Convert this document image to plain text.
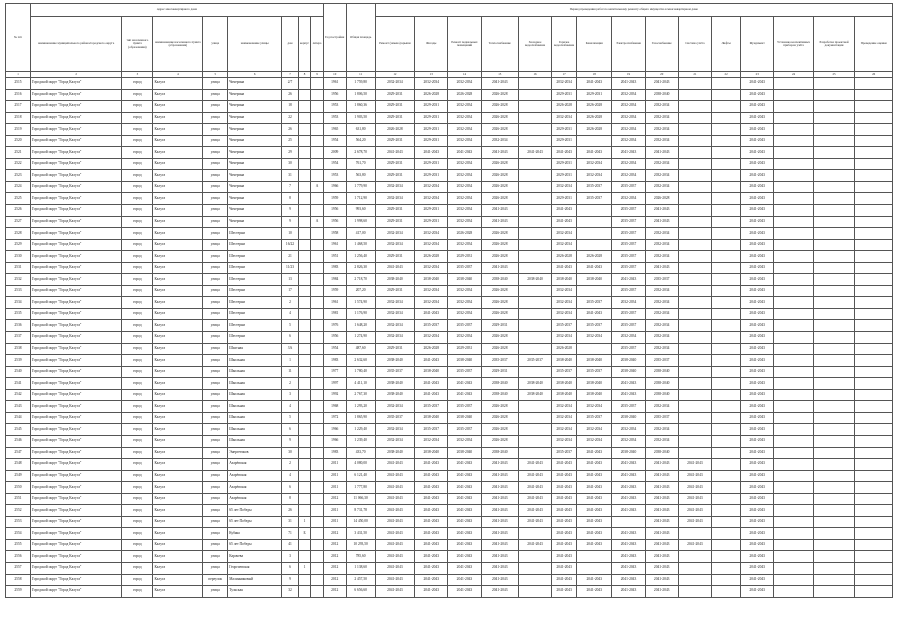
№ п/п	Адрес многоквартирного дома								Год постройки	Общая площадь	Период проведения работ по капитальному ремонту общего имущества в многоквартирном доме														
	наименование муниципального района/городского округа	тип населенного пункта (образования)	наименование населенного пункта (образования)	улица	наименование улицы	дом	корпус	литера			Ремонт (замена) крыши	Фасады	Ремонт подвальных помещений	Теплоснабжение	Холодное водоснабжение	Горячее водоснабжение	Канализация	Электроснабжение	Газоснабжение	Система учёта	Лифты	Фундамент	Установка коллективных приборов учёта	Разработка проектной документации	Проведение оценки
1	2	3	4	5	6	7	8	9	10	11	12	13	14	15	16	17	18	19	20	21	22	23	24	25	26
2515	Городской округ "Город Калуга"	город	Калуга	улица	Чичерина	2/7			1961	1 759,80	2032-2034	2032-2034	2032-2034	2041-2043		2032-2034	2041-2043	2041-2043	2041-2043			2041-2043			
2516	Городской округ "Город Калуга"	город	Калуга	улица	Чичерина	26			1956	1 806,50	2029-2031	2026-2028	2026-2028	2026-2028		2029-2031	2029-2031	2032-2034	2038-2040			2041-2043			
2517	Городской округ "Город Калуга"	город	Калуга	улица	Чичерина	18			1953	1 860,36	2029-2031	2029-2031	2032-2034	2026-2028		2026-2028	2026-2028	2032-2034	2032-2034			2041-2043			
2518	Городской округ "Город Калуга"	город	Калуга	улица	Чичерина	22			1953	1 903,50	2029-2031	2029-2031	2032-2034	2026-2028		2032-2034	2026-2028	2032-2034	2032-2034			2041-2043			
2519	Городской округ "Город Калуга"	город	Калуга	улица	Чичерина	26			1965	631,80	2026-2028	2029-2031	2032-2034	2026-2028		2029-2031	2026-2028	2032-2034	2032-2034			2041-2043			
2520	Городской округ "Город Калуга"	город	Калуга	улица	Чичерина	25			1954	564,20	2029-2031	2029-2031	2032-2034	2032-2034		2029-2031		2032-2034	2032-2034			2041-2043			
2521	Городской округ "Город Калуга"	город	Калуга	улица	Чичерина	29			2009	2 678,70	2041-2043	2041-2043	2041-2043	2041-2043	2041-2043	2041-2043	2041-2043	2041-2043	2041-2043			2041-2043			
2522	Городской округ "Город Калуга"	город	Калуга	улица	Чичерина	30			1954	761,70	2029-2031	2029-2031	2032-2034	2026-2028		2029-2031	2032-2034	2032-2034	2032-2034			2041-2043			
2523	Городской округ "Город Калуга"	город	Калуга	улица	Чичерина	31			1953	563,80	2029-2031	2029-2031	2032-2034	2026-2028		2029-2031	2032-2034	2032-2034	2032-2034			2041-2043			
2524	Городской округ "Город Калуга"	город	Калуга	улица	Чичерина	7		А	1966	1 779,90	2032-2034	2032-2034	2032-2034	2026-2028		2032-2034	2035-2037	2035-2037	2032-2034			2041-2043			
2525	Городской округ "Город Калуга"	город	Калуга	улица	Чичерина	8			1959	1 712,90	2032-2034	2032-2034	2032-2034	2026-2028		2029-2031	2035-2037	2032-2034	2026-2028			2041-2043			
2526	Городской округ "Город Калуга"	город	Калуга	улица	Чичерина	9			1956	993,60	2029-2031	2029-2031	2032-2034	2041-2043		2041-2043		2035-2037	2041-2043			2041-2043			
2527	Городской округ "Город Калуга"	город	Калуга	улица	Чичерина	9		А	1956	1 998,60	2029-2031	2029-2031	2032-2034	2041-2043		2041-2043		2035-2037	2041-2043			2041-2043			
2528	Городской округ "Город Калуга"	город	Калуга	улица	Шестерни	10			1958	417,00	2032-2034	2032-2034	2026-2028	2026-2028		2032-2034		2035-2037	2032-2034			2041-2043			
2529	Городской округ "Город Калуга"	город	Калуга	улица	Шестерни	16/22			1961	1 468,50	2032-2034	2032-2034	2032-2034	2026-2028		2032-2034		2035-2037	2032-2034			2041-2043			
2530	Городской округ "Город Калуга"	город	Калуга	улица	Шестерни	21			1951	1 256,40	2029-2031	2026-2028	2029-2031	2026-2028		2026-2028	2026-2028	2035-2037	2032-2034			2041-2043			
2531	Городской округ "Город Калуга"	город	Калуга	улица	Шестерни	11/23			1983	2 826,30	2041-2043	2032-2034	2035-2037	2041-2043		2041-2043	2041-2043	2035-2037	2041-2043			2041-2043			
2532	Городской округ "Город Калуга"	город	Калуга	улица	Шестерни	13			1984	2 718,70	2038-2040	2038-2040	2038-2040	2038-2040	2038-2040	2038-2040	2038-2040	2041-2043	2035-2037			2041-2043			
2533	Городской округ "Город Калуга"	город	Калуга	улица	Шестерни	17			1959	207,20	2029-2031	2032-2034	2032-2034	2026-2028		2032-2034		2035-2037	2032-2034			2041-2043			
2534	Городской округ "Город Калуга"	город	Калуга	улица	Шестерни	2			1961	1 574,90	2032-2034	2032-2034	2032-2034	2026-2028		2032-2034	2035-2037	2032-2034	2032-2034			2041-2043			
2535	Городской округ "Город Калуга"	город	Калуга	улица	Шестерни	4			1981	1 176,90	2032-2034	2041-2043	2032-2034	2026-2028		2032-2034	2041-2043	2035-2037	2032-2034			2041-2043			
2536	Городской округ "Город Калуга"	город	Калуга	улица	Шестерни	5			1976	1 648,20	2032-2034	2035-2037	2035-2037	2029-2031		2035-2037	2035-2037	2035-2037	2032-2034			2041-2043			
2537	Городской округ "Город Калуга"	город	Калуга	улица	Шестерни	6			1956	1 274,90	2032-2034	2032-2034	2032-2034	2026-2028		2032-2034	2032-2034	2032-2034	2032-2034			2041-2043			
2538	Городской округ "Город Калуга"	город	Калуга	улица	Шахтная	3А			1954	487,60	2029-2031	2026-2028	2029-2031	2026-2028		2026-2028		2035-2037	2032-2034			2041-2043			
2539	Городской округ "Город Калуга"	город	Калуга	улица	Школьная	1			1983	2 632,60	2038-2040	2041-2043	2038-2040	2035-2037	2035-2037	2038-2040	2038-2040	2038-2040	2035-2037			2041-2043			
2540	Городской округ "Город Калуга"	город	Калуга	улица	Школьная	11			1977	1 780,40	2035-2037	2038-2040	2035-2037	2029-2031		2035-2037	2035-2037	2038-2040	2038-2040			2041-2043			
2541	Городской округ "Город Калуга"	город	Калуга	улица	Школьная	2			1997	4 411,10	2038-2040	2041-2043	2041-2043	2038-2040	2038-2040	2038-2040	2038-2040	2041-2043	2038-2040			2041-2043			
2542	Городской округ "Город Калуга"	город	Калуга	улица	Школьная	3			1992	2 767,30	2038-2040	2041-2043	2041-2043	2038-2040	2038-2040	2038-2040	2038-2040	2041-2043	2038-2040			2041-2043			
2543	Городской округ "Город Калуга"	город	Калуга	улица	Школьная	4			1968	1 293,20	2032-2034	2035-2037	2035-2037	2026-2028		2032-2034	2032-2034	2035-2037	2032-2034			2041-2043			
2544	Городской округ "Город Калуга"	город	Калуга	улица	Школьная	5			1972	1 865,90	2035-2037	2038-2040	2038-2040	2026-2028		2032-2034	2035-2037	2038-2040	2035-2037			2041-2043			
2545	Городской округ "Город Калуга"	город	Калуга	улица	Школьная	6			1966	1 229,40	2032-2034	2035-2037	2035-2037	2026-2028		2032-2034	2032-2034	2032-2034	2032-2034			2041-2043			
2546	Городской округ "Город Калуга"	город	Калуга	улица	Школьная	9			1966	1 239,40	2032-2034	2032-2034	2032-2034	2026-2028		2032-2034	2032-2034	2032-2034	2032-2034			2041-2043			
2547	Городской округ "Город Калуга"	город	Калуга	улица	Энергетиков	30			1983	433,70	2038-2040	2038-2040	2038-2040	2038-2040		2035-2037	2041-2043	2038-2040	2038-2040			2041-2043			
2548	Городской округ "Город Калуга"	город	Калуга	улица	Азарёвская	2			2011	4 080,00	2041-2043	2041-2043	2041-2043	2041-2043	2041-2043	2041-2043	2041-2043	2041-2043	2041-2043	2041-2043		2041-2043			
2549	Городской округ "Город Калуга"	город	Калуга	улица	Азарёвская	4			2011	6 121,40	2041-2043	2041-2043	2041-2043	2041-2043	2041-2043	2041-2043	2041-2043	2041-2043	2041-2043	2041-2043		2041-2043			
2550	Городской округ "Город Калуга"	город	Калуга	улица	Азарёвская	6			2011	1 777,80	2041-2043	2041-2043	2041-2043	2041-2043	2041-2043	2041-2043	2041-2043	2041-2043	2041-2043	2041-2043		2041-2043			
2551	Городской округ "Город Калуга"	город	Калуга	улица	Азарёвская	8			2012	11 066,30	2041-2043	2041-2043	2041-2043	2041-2043	2041-2043	2041-2043	2041-2043	2041-2043	2041-2043	2041-2043		2041-2043			
2552	Городской округ "Город Калуга"	город	Калуга	улица	65 лет Победы	26			2011	8 731,78	2041-2043	2041-2043	2041-2043	2041-2043	2041-2043	2041-2043	2041-2043	2041-2043	2041-2043	2041-2043		2041-2043			
2553	Городской округ "Город Калуга"	город	Калуга	улица	65 лет Победы	31	1		2011	14 450,00	2041-2043	2041-2043	2041-2043	2041-2043	2041-2043	2041-2043	2041-2043		2041-2043	2041-2043		2041-2043			
2554	Городской округ "Город Калуга"	город	Калуга	улица	Кубяка	71	Б		2012	3 431,50	2041-2043	2041-2043	2041-2043	2041-2043		2041-2043	2041-2043	2041-2043	2041-2043			2041-2043			
2555	Городской округ "Город Калуга"	город	Калуга	улица	65 лет Победы	41			2012	10 293,50	2041-2043	2041-2043	2041-2043	2041-2043	2041-2043	2041-2043	2041-2043	2041-2043	2041-2043	2041-2043		2041-2043			
2556	Городской округ "Город Калуга"	город	Калуга	улица	Карачева	3			2012	785,60	2041-2043	2041-2043	2041-2043	2041-2043		2041-2043		2041-2043	2041-2043			2041-2043			
2557	Городской округ "Город Калуга"	город	Калуга	улица	Георгиевская	6	1		2012	1 138,60	2041-2043	2041-2043	2041-2043	2041-2043		2041-2043		2041-2043	2041-2043			2041-2043			
2558	Городской округ "Город Калуга"	город	Калуга	переулок	Малинниковый	9			2012	2 457,50	2041-2043	2041-2043	2041-2043	2041-2043		2041-2043	2041-2043	2041-2043	2041-2043			2041-2043			
2559	Городской округ "Город Калуга"	город	Калуга	улица	Тульская	32			2012	6 656,60	2041-2043	2041-2043	2041-2043	2041-2043		2041-2043	2041-2043	2041-2043	2041-2043			2041-2043			
